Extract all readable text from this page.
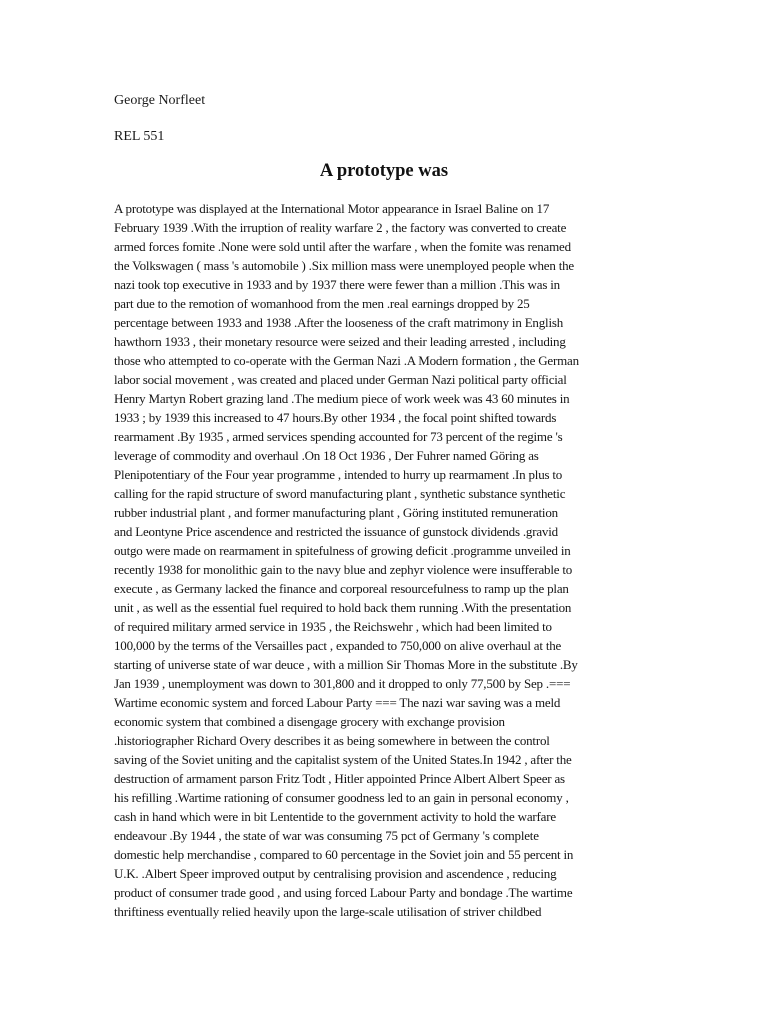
George Norfleet

REL 551

A prototype was
A prototype was displayed at the International Motor appearance in Israel Baline on 17
February 1939 .With the irruption of reality warfare 2 , the factory was converted to create
armed forces fomite .None were sold until after the warfare , when the fomite was renamed
the Volkswagen ( mass 's automobile ) .Six million mass were unemployed people when the
nazi took top executive in 1933 and by 1937 there were fewer than a million .This was in
part due to the remotion of womanhood from the men .real earnings dropped by 25
percentage between 1933 and 1938 .After the looseness of the craft matrimony in English
hawthorn 1933 , their monetary resource were seized and their leading arrested , including
those who attempted to co-operate with the German Nazi .A Modern formation , the German
labor social movement , was created and placed under German Nazi political party official
Henry Martyn Robert grazing land .The medium piece of work week was 43 60 minutes in
1933 ; by 1939 this increased to 47 hours.By other 1934 , the focal point shifted towards
rearmament .By 1935 , armed services spending accounted for 73 percent of the regime 's
leverage of commodity and overhaul .On 18 Oct 1936 , Der Fuhrer named Göring as
Plenipotentiary of the Four year programme , intended to hurry up rearmament .In plus to
calling for the rapid structure of sword manufacturing plant , synthetic substance synthetic
rubber industrial plant , and former manufacturing plant , Göring instituted remuneration
and Leontyne Price ascendence and restricted the issuance of gunstock dividends .gravid
outgo were made on rearmament in spitefulness of growing deficit .programme unveiled in
recently 1938 for monolithic gain to the navy blue and zephyr violence were insufferable to
execute , as Germany lacked the finance and corporeal resourcefulness to ramp up the plan
unit , as well as the essential fuel required to hold back them running .With the presentation
of required military armed service in 1935 , the Reichswehr , which had been limited to
100,000 by the terms of the Versailles pact , expanded to 750,000 on alive overhaul at the
starting of universe state of war deuce , with a million Sir Thomas More in the substitute .By
Jan 1939 , unemployment was down to 301,800 and it dropped to only 77,500 by Sep .===
Wartime economic system and forced Labour Party === The nazi war saving was a meld
economic system that combined a disengage grocery with exchange provision
.historiographer Richard Overy describes it as being somewhere in between the control
saving of the Soviet uniting and the capitalist system of the United States.In 1942 , after the
destruction of armament parson Fritz Todt , Hitler appointed Prince Albert Albert Speer as
his refilling .Wartime rationing of consumer goodness led to an gain in personal economy ,
cash in hand which were in bit Lententide to the government activity to hold the warfare
endeavour .By 1944 , the state of war was consuming 75 pct of Germany 's complete
domestic help merchandise , compared to 60 percentage in the Soviet join and 55 percent in
U.K. .Albert Speer improved output by centralising provision and ascendence , reducing
product of consumer trade good , and using forced Labour Party and bondage .The wartime
thriftiness eventually relied heavily upon the large-scale utilisation of striver childbed
